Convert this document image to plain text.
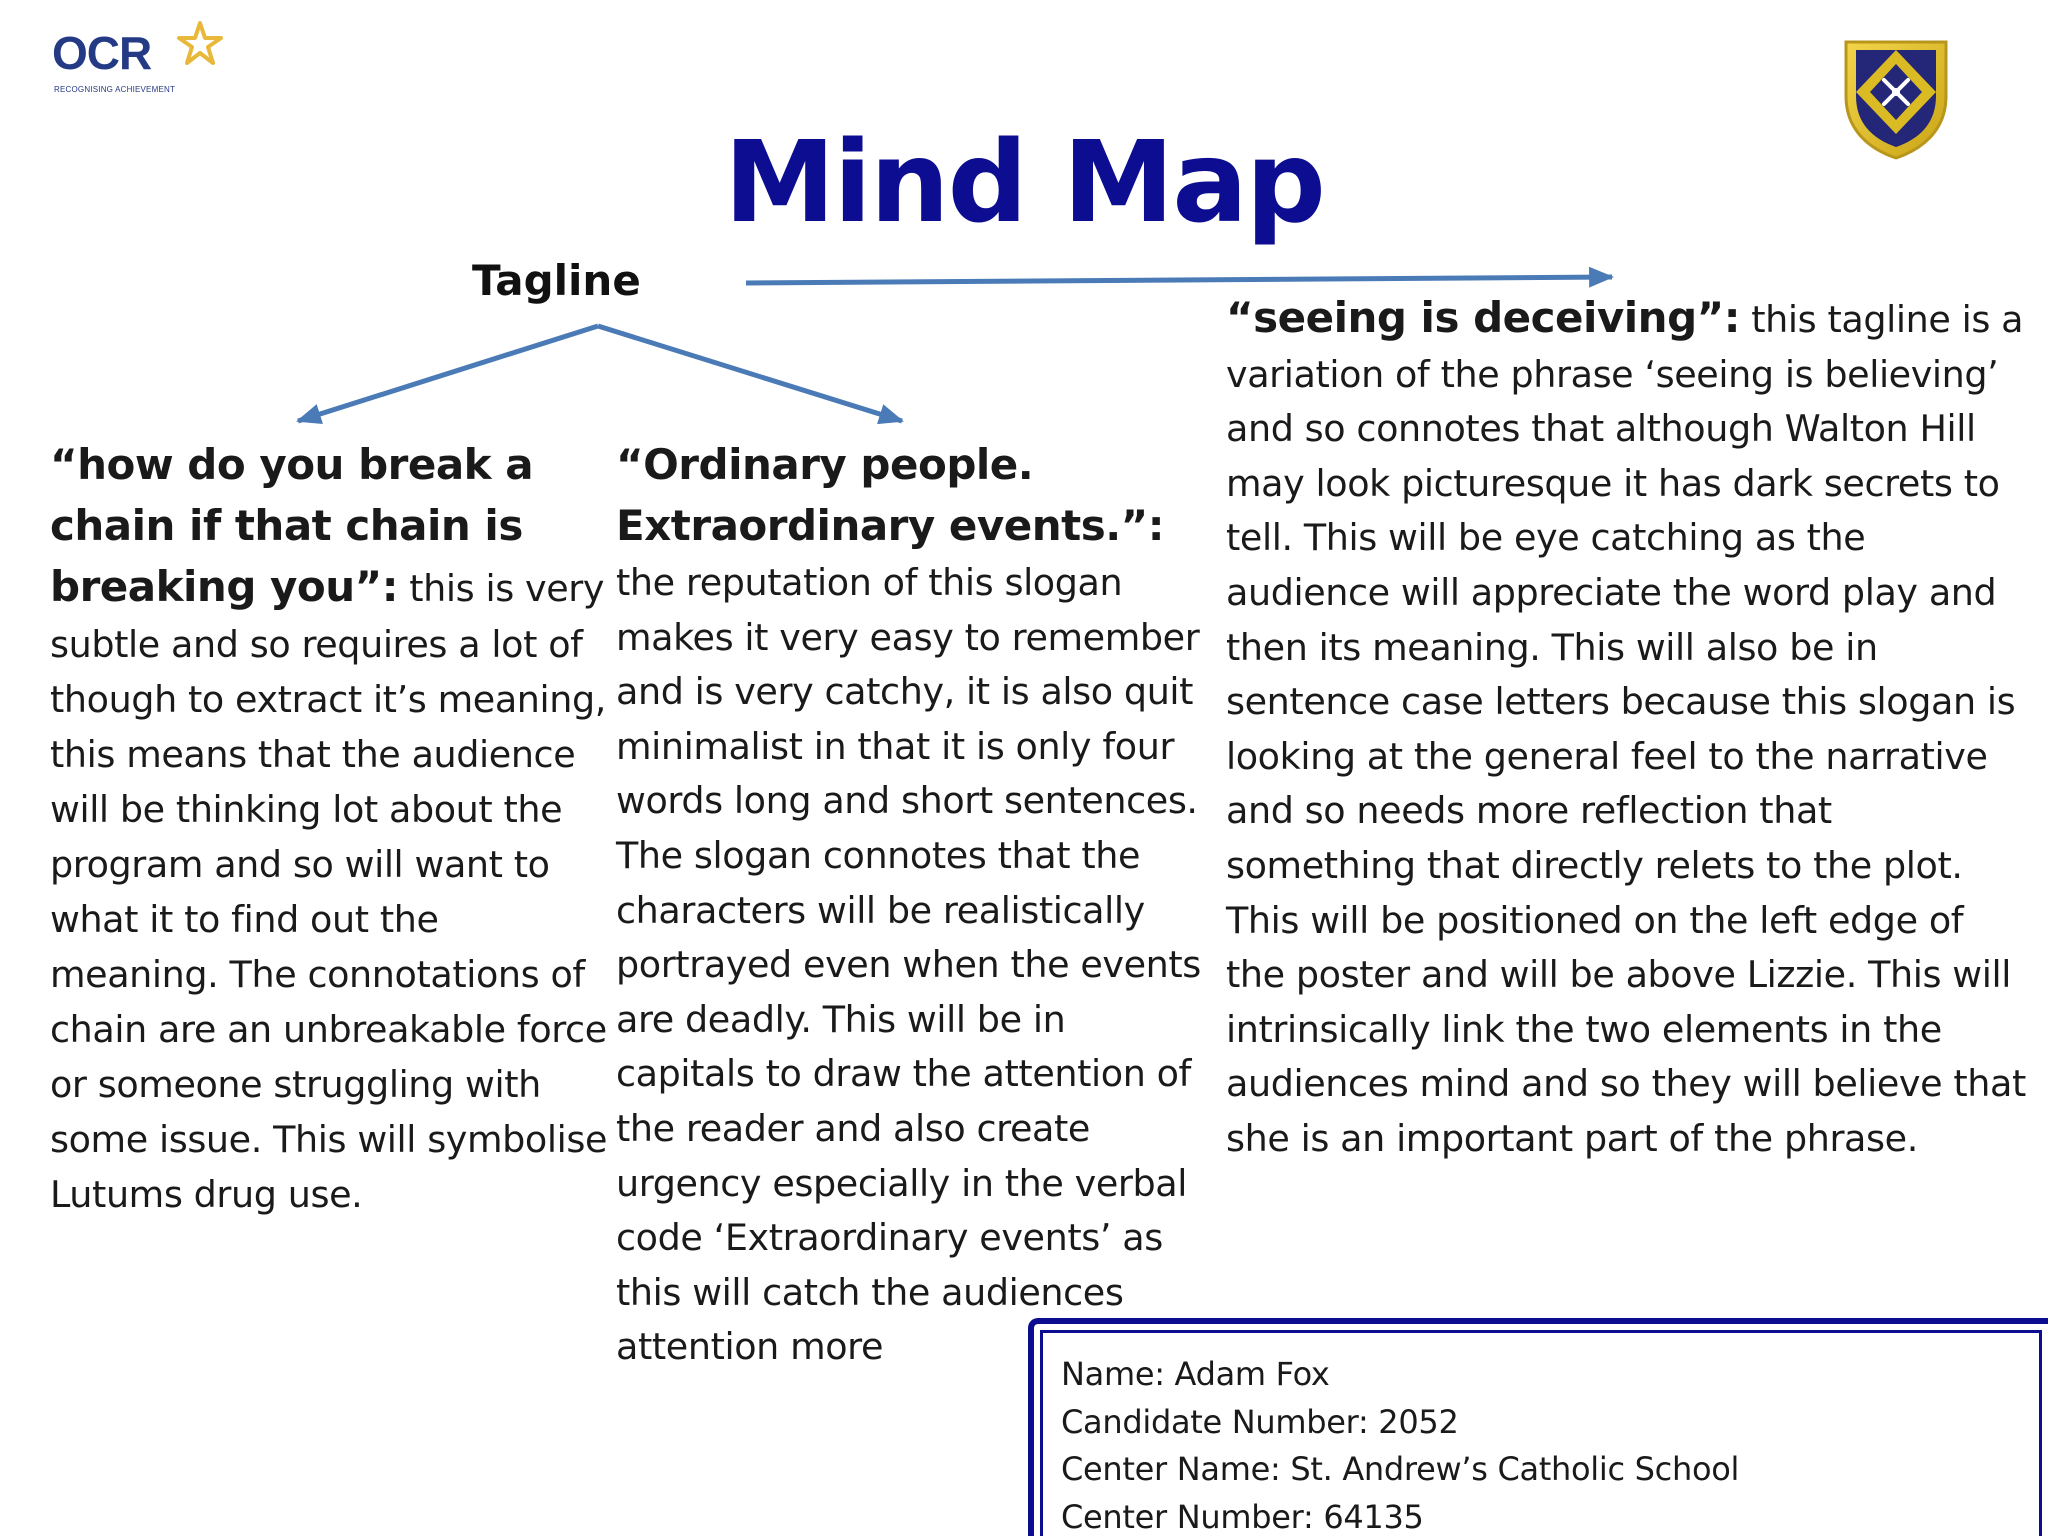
OCR
RECOGNISING ACHIEVEMENT
Mind Map
Tagline
“how do you break a chain if that chain is breaking you”: this is very subtle and so requires a lot of though to extract it’s meaning, this means that the audience will be thinking lot about the program and so will want to what it to find out the meaning. The connotations of chain are an unbreakable force or someone struggling with some issue. This will symbolise Lutums drug use.
“Ordinary people. Extraordinary events.”: the reputation of this slogan makes it very easy to remember and is very catchy, it is also quit minimalist in that it is only four words long and short sentences. The slogan connotes that the characters will be realistically portrayed even when the events are deadly. This will be in capitals to draw the attention of the reader and also create urgency especially in the verbal code ‘Extraordinary events’ as this will catch the audiences attention more
“seeing is deceiving”: this tagline is a variation of the phrase ‘seeing is believing’ and so connotes that although Walton Hill may look picturesque it has dark secrets to tell. This will be eye catching as the audience will appreciate the word play and then its meaning. This will also be in sentence case letters because this slogan is looking at the general feel to the narrative and so needs more reflection that something that directly relets to the plot. This will be positioned on the left edge of the poster and will be above Lizzie. This will intrinsically link the two elements in the audiences mind and so they will believe that she is an important part of the phrase.
Name: Adam Fox
Candidate Number: 2052
Center Name: St. Andrew’s Catholic School
Center Number: 64135
